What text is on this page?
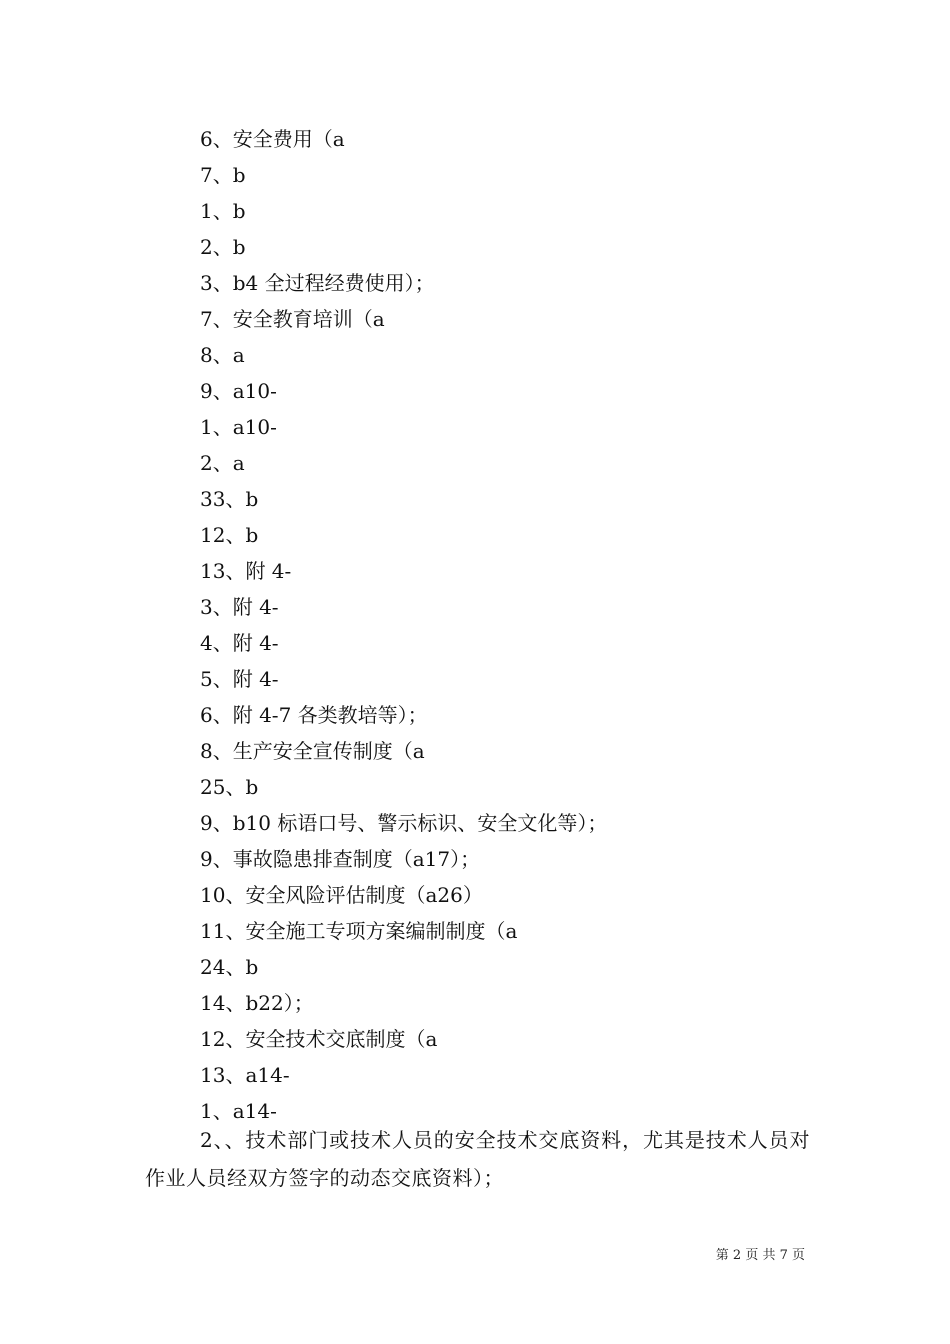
6、安全费用（a
7、b
1、b
2、b
3、b4 全过程经费使用）；
7、安全教育培训（a
8、a
9、a10-
1、a10-
2、a
33、b
12、b
13、附 4-
3、附 4-
4、附 4-
5、附 4-
6、附 4-7 各类教培等）；
8、生产安全宣传制度（a
25、b
9、b10 标语口号、警示标识、安全文化等）；
9、事故隐患排查制度（a17）；
10、安全风险评估制度（a26）
11、安全施工专项方案编制制度（a
24、b
14、b22）；
12、安全技术交底制度（a
13、a14-
1、a14-
2、、技术部门或技术人员的安全技术交底资料，尤其是技术人员对作业人员经双方签字的动态交底资料）；
第 2 页 共 7 页
